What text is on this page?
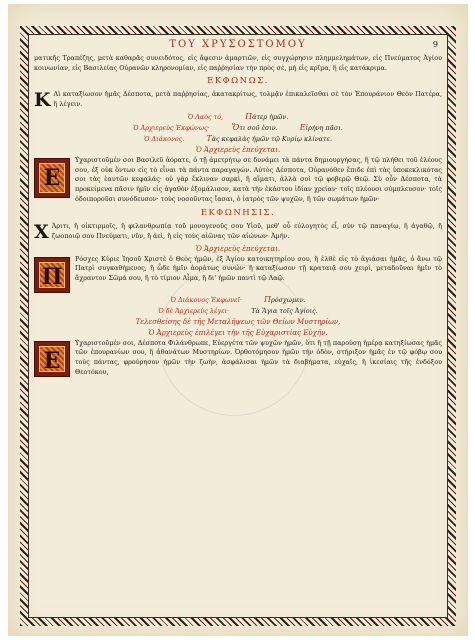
ΤΟΥ ΧΡΥΣΟΣΤΟΜΟΥ	9

ματικῆς Τραπέζης, μετὰ καθαρᾶς συνειδότος, εἰς ἄφεσιν ἁμαρτιῶν, εἰς συγχώρησιν πλημμελημάτων, εἰς Πνεύματος Ἁγίου κοινωνίαν, εἰς Βασιλείας Οὐρανῶν κληρονομίαν, εἰς παῤῥησίαν τὴν πρὸς σὲ, μὴ εἰς κρῖμα, ἢ εἰς κατάκριμα.

ΕΚΦΩΝΩΣ.

Κ Αὶ καταξίωσον ἡμᾶς Δέσποτα, μετὰ παῤῥησίας, ἀκατακρίτως, τολμᾷν ἐπικαλεῖσθαι σὲ τὸν Ἐπουράνιον Θεὸν Πατέρα, ἢ λέγειν.

Ὁ Λαὸς τό,	Πάτερ ἡμῶν.
Ὁ Ἀρχιερεὺς Ἐκφώνως·	Ὅτι σοῦ ἐσιν.	Εἰρήνη πᾶσι.
Ὁ Διάκονος.	Τὰς κεφαλὰς ἡμῶν τῷ Κυρίῳ κλίνατε.
Ὁ Ἀρχιερεὺς ἐπεύχεται.

E
Υ̓χαριστοῦμέν σοι Βασιλεῦ ἀόρατε, ὁ τῇ ἀμετρήτῳ σε δυνάμει τὰ πάντα δημιουργήσας, ἢ τῷ πλήθει τοῦ ἐλέους σου, ἐξ οὐκ ὄντων εἰς τὸ εἶναι τὰ πάντα παραγαγών. Αὐτὸς Δέσποτα, Οὐρανόθεν ἔπιδε ἐπὶ τὰς ὑποκεκλικότας σοι τὰς ἑαυτῶν κεφαλάς· οὐ γὰρ ἔκλιναν σαρκὶ, ἢ αἵματι, ἀλλὰ σοὶ τῷ φοβερῷ Θεῷ. Σὺ οὖν Δέσποτα, τὰ προκείμενα πᾶσιν ἡμῖν εἰς ἀγαθὸν ἐξομάλισον, κατὰ τὴν ἑκάστου ἰδίαν χρείαν· τοῖς πλέουσι σύμπλευσον· τοῖς ὁδοιποροῦσι συνόδευσον· τοὺς νοσοῦντας ἴασαι, ὁ ἰατρὸς τῶν ψυχῶν, ἢ τῶν σωμάτων ἡμῶν·

ΕΚΦΩΝΗΣΙΣ.

Χ Ἀριτι, ἢ οἰκτιρμοῖς, ἢ φιλανθρωπίᾳ τοῦ μονογενοῦς σου Υἱοῦ, μεθ' οὗ εὐλογητὸς εἶ, σὺν τῷ παναγίῳ, ἢ ἀγαθῷ, ἢ ζωοποιῷ σου Πνεύματι, νῦν, ἢ ἀεὶ, ἢ εἰς τοὺς αἰῶνας τῶν αἰώνων· Ἀμήν.

Ὁ Ἀρχιερεὺς ἐπεύχεται.

Π
Ρόσχες Κύριε Ἰησοῦ Χριστὲ ὁ Θεὸς ἡμῶν, ἐξ Ἁγίου κατοικητηρίου σου, ἢ ἐλθὲ εἰς τὸ ἁγιάσαι ἡμᾶς, ὁ ἄνω τῷ Πατρὶ συγκαθήμενος, ἢ ὧδε ἡμῖν ἀοράτως συνών· ἢ καταξίωσον τῇ κραταιᾷ σου χειρὶ, μεταδοῦναι ἡμῖν τὸ ἄχραντον Σῶμά σου, ἢ τὸ τίμιον Αἷμα, ἢ δι' ἡμῶν παντὶ τῷ Λαῷ.

Ὁ Διάκονος Ἐκφωνεῖ·	Πρόσχωμεν.
Ὁ δὲ Ἀρχιερεὺς λέγει·	Τὰ Ἅγια τοῖς Ἁγίοις.
Τελεσθείσης δὲ τῆς Μεταλήψεως τῶν Θείων Μυστηρίων,
Ὁ Ἀρχιερεὺς ἐπιλέγει τὴν τῆς Εὐχαριστίας Εὐχήν.

Ε
Υ̓χαριστοῦμέν σοι, Δέσποτα Φιλάνθρωπε, Εὐεργέτα τῶν ψυχῶν ἡμῶν, ὅτι ἢ τῇ παρούσῃ ἡμέρᾳ κατηξίωσας ἡμᾶς τῶν ἐπουρανίων σου, ἢ ἀθανάτων Μυστηρίων. Ὀρθοτόμησον ἡμῶν τὴν ὁδὸν, στήριξον ἡμᾶς ἐν τῷ φόβῳ σου τοὺς πάντας, φρούρησον ἡμῶν τὴν ζωὴν, ἀσφάλισαι ἡμῶν τὰ διαβήματα, εὐχαῖς, ἢ ἱκεσίαις τῆς ἐνδόξου Θεοτόκου,
